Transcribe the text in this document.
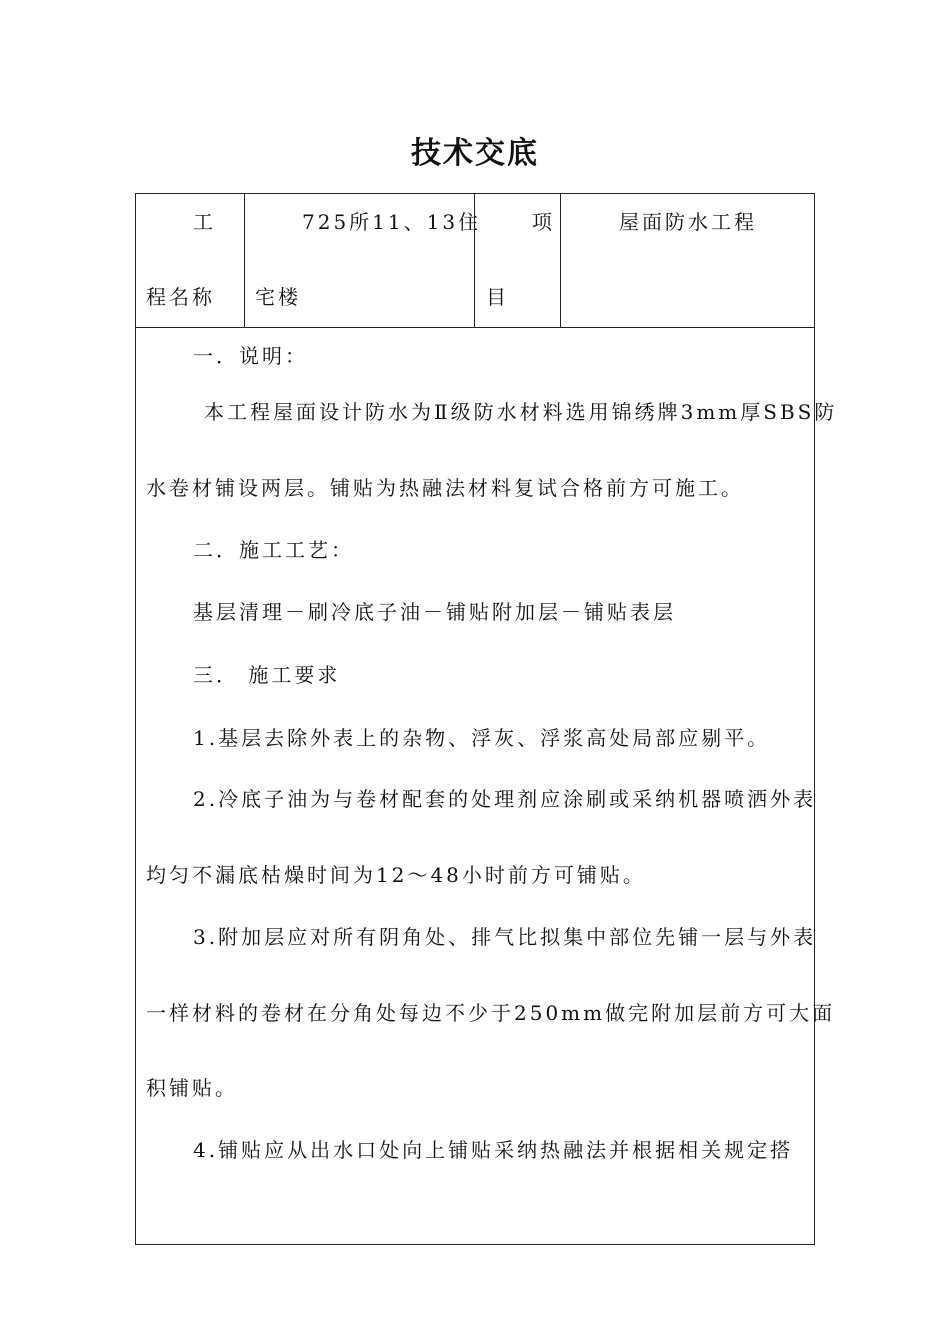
技术交底
工
程名称
725所11、13住
宅楼
项
目
屋面防水工程
一．说明：
本工程屋面设计防水为Ⅱ级防水材料选用锦绣牌3mm厚SBS防
水卷材铺设两层。铺贴为热融法材料复试合格前方可施工。
二．施工工艺：
基层清理－刷冷底子油－铺贴附加层－铺贴表层
三． 施工要求
1.基层去除外表上的杂物、浮灰、浮浆高处局部应剔平。
2.冷底子油为与卷材配套的处理剂应涂刷或采纳机器喷洒外表
均匀不漏底枯燥时间为12～48小时前方可铺贴。
3.附加层应对所有阴角处、排气比拟集中部位先铺一层与外表
一样材料的卷材在分角处每边不少于250mm做完附加层前方可大面
积铺贴。
4.铺贴应从出水口处向上铺贴采纳热融法并根据相关规定搭
